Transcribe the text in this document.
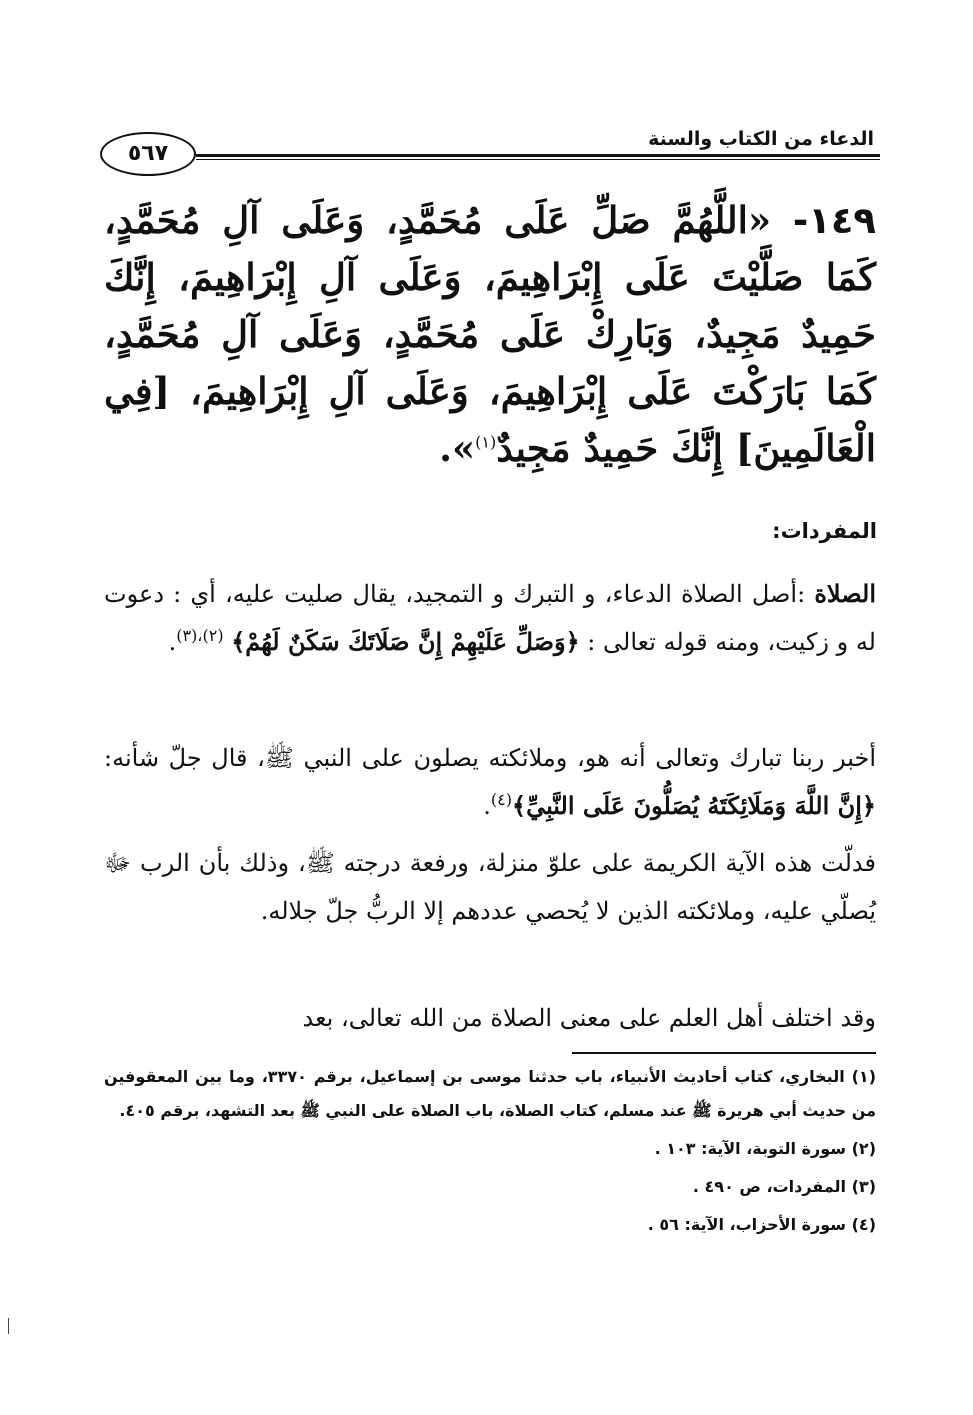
الدعاء من الكتاب والسنة
٥٦٧
١٤٩- «اللَّهُمَّ صَلِّ عَلَى مُحَمَّدٍ، وَعَلَى آلِ مُحَمَّدٍ، كَمَا صَلَّيْتَ عَلَى إِبْرَاهِيمَ، وَعَلَى آلِ إِبْرَاهِيمَ، إِنَّكَ حَمِيدٌ مَجِيدٌ، وَبَارِكْ عَلَى مُحَمَّدٍ، وَعَلَى آلِ مُحَمَّدٍ، كَمَا بَارَكْتَ عَلَى إِبْرَاهِيمَ، وَعَلَى آلِ إِبْرَاهِيمَ، [فِي الْعَالَمِينَ] إِنَّكَ حَمِيدٌ مَجِيدٌ$^{(١)}$».
المفردات:
الصلاة :أصل الصلاة الدعاء، و التبرك و التمجيد، يقال صليت عليه، أي : دعوت له و زكيت، ومنه قوله تعالى : ﴿وَصَلِّ عَلَيْهِمْ إِنَّ صَلَاتَكَ سَكَنٌ لَهُمْ﴾ $^{(٢)،(٣)}$.
أخبر ربنا تبارك وتعالى أنه هو، وملائكته يصلون على النبي ﷺ، قال جلّ شأنه: ﴿إِنَّ اللَّهَ وَمَلَائِكَتَهُ يُصَلُّونَ عَلَى النَّبِيِّ﴾$^{(٤)}$.
فدلّت هذه الآية الكريمة على علوّ منزلة، ورفعة درجته ﷺ، وذلك بأن الرب ﷻ يُصلّي عليه، وملائكته الذين لا يُحصي عددهم إلا الربُّ جلّ جلاله.
وقد اختلف أهل العلم على معنى الصلاة من الله تعالى، بعد

(١) البخاري، كتاب أحاديث الأنبياء، باب حدثنا موسى بن إسماعيل، برقم ٣٣٧٠، وما بين المعقوفين من حديث أبي هريرة ﷺ عند مسلم، كتاب الصلاة، باب الصلاة على النبي ﷺ بعد التشهد، برقم ٤٠٥.

(٢) سورة التوبة، الآية: ١٠٣ .

(٣) المفردات، ص ٤٩٠ .

(٤) سورة الأحزاب، الآية: ٥٦ .
